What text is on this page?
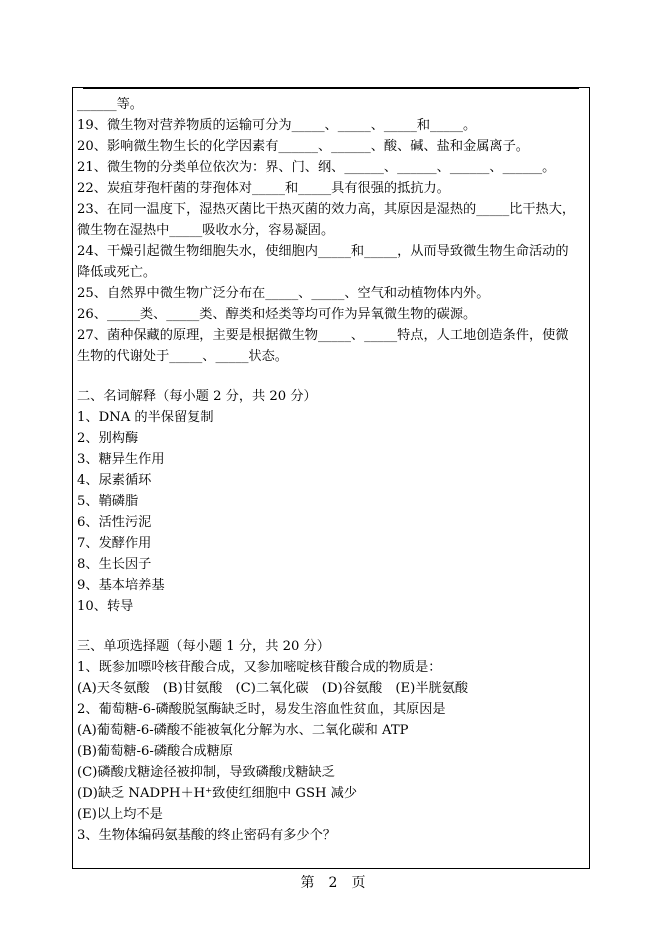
______等。
19、微生物对营养物质的运输可分为_____、_____、_____和_____。
20、影响微生物生长的化学因素有______、______、酸、碱、盐和金属离子。
21、微生物的分类单位依次为：界、门、纲、______、______、______、______。
22、炭疽芽孢杆菌的芽孢体对_____和_____具有很强的抵抗力。
23、在同一温度下，湿热灭菌比干热灭菌的效力高，其原因是湿热的_____比干热大，
微生物在湿热中_____吸收水分，容易凝固。
24、干燥引起微生物细胞失水，使细胞内_____和_____，从而导致微生物生命活动的
降低或死亡。
25、自然界中微生物广泛分布在_____、_____、空气和动植物体内外。
26、_____类、_____类、醇类和烃类等均可作为异氧微生物的碳源。
27、菌种保藏的原理，主要是根据微生物_____、_____特点，人工地创造条件，使微
生物的代谢处于_____、_____状态。
二、名词解释（每小题 2 分，共 20 分）
1、DNA 的半保留复制
2、别构酶
3、糖异生作用
4、尿素循环
5、鞘磷脂
6、活性污泥
7、发酵作用
8、生长因子
9、基本培养基
10、转导
三、单项选择题（每小题 1 分，共 20 分）
1、既参加嘌呤核苷酸合成，又参加嘧啶核苷酸合成的物质是：
(A)天冬氨酸　(B)甘氨酸　(C)二氧化碳　(D)谷氨酸　(E)半胱氨酸
2、葡萄糖-6-磷酸脱氢酶缺乏时，易发生溶血性贫血，其原因是
(A)葡萄糖-6-磷酸不能被氧化分解为水、二氧化碳和 ATP
(B)葡萄糖-6-磷酸合成糖原
(C)磷酸戊糖途径被抑制，导致磷酸戊糖缺乏
(D)缺乏 NADPH＋H⁺致使红细胞中 GSH 减少
(E)以上均不是
3、生物体编码氨基酸的终止密码有多少个？
第　2　页
